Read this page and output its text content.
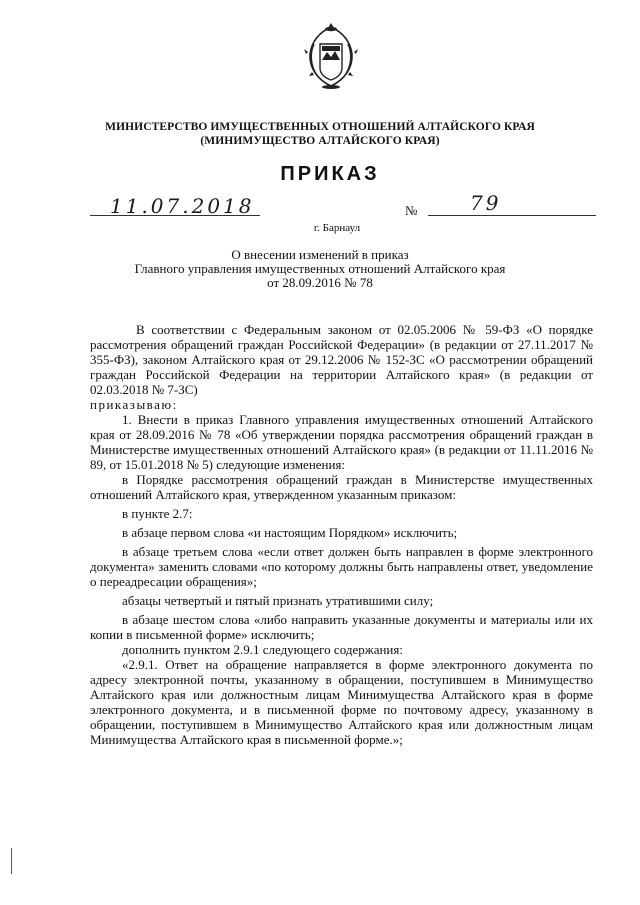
МИНИСТЕРСТВО ИМУЩЕСТВЕННЫХ ОТНОШЕНИЙ АЛТАЙСКОГО КРАЯ
(МИНИМУЩЕСТВО АЛТАЙСКОГО КРАЯ)
ПРИКАЗ
11.07.2018	№	79
г. Барнаул
О внесении изменений в приказ
Главного управления имущественных отношений Алтайского края
от 28.09.2016 № 78

В соответствии с Федеральным законом от 02.05.2006 № 59-ФЗ «О порядке рассмотрения обращений граждан Российской Федерации» (в редакции от 27.11.2017 № 355-ФЗ), законом Алтайского края от 29.12.2006 № 152-ЗС «О рассмотрении обращений граждан Российской Федерации на территории Алтайского края» (в редакции от 02.03.2018 № 7-ЗС)

приказываю:

1. Внести в приказ Главного управления имущественных отношений Алтайского края от 28.09.2016 № 78 «Об утверждении порядка рассмотрения обращений граждан в Министерстве имущественных отношений Алтайского края» (в редакции от 11.11.2016 № 89, от 15.01.2018 № 5) следующие изменения:

в Порядке рассмотрения обращений граждан в Министерстве имущественных отношений Алтайского края, утвержденном указанным приказом:

в пункте 2.7:

в абзаце первом слова «и настоящим Порядком» исключить;

в абзаце третьем слова «если ответ должен быть направлен в форме электронного документа» заменить словами «по которому должны быть направлены ответ, уведомление о переадресации обращения»;

абзацы четвертый и пятый признать утратившими силу;

в абзаце шестом слова «либо направить указанные документы и материалы или их копии в письменной форме» исключить;

дополнить пунктом 2.9.1 следующего содержания:

«2.9.1. Ответ на обращение направляется в форме электронного документа по адресу электронной почты, указанному в обращении, поступившем в Минимущество Алтайского края или должностным лицам Минимущества Алтайского края в форме электронного документа, и в письменной форме по почтовому адресу, указанному в обращении, поступившем в Минимущество Алтайского края или должностным лицам Минимущества Алтайского края в письменной форме.»;
